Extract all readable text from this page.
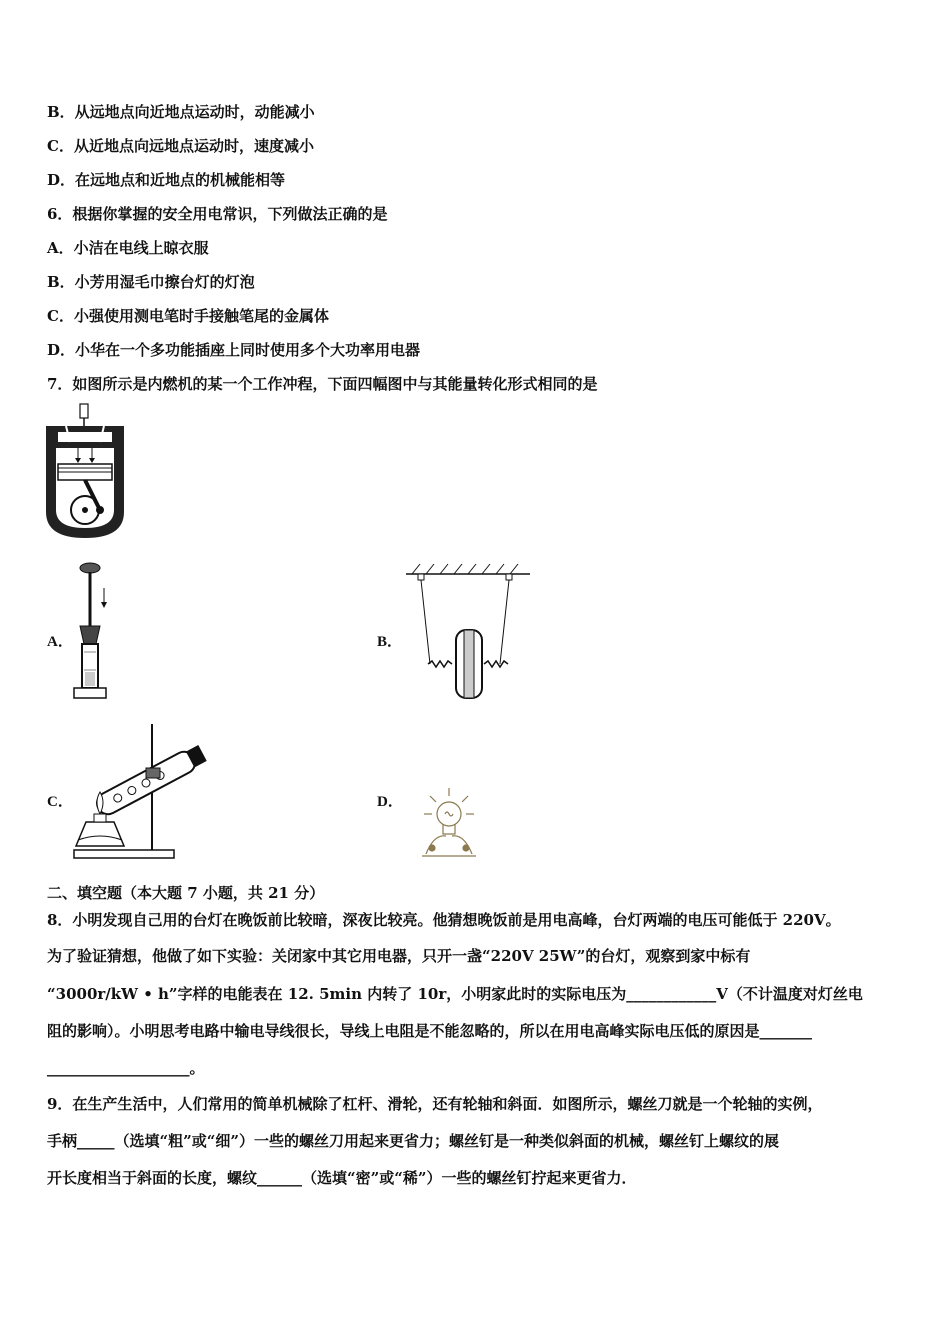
B．从远地点向近地点运动时，动能减小
C．从近地点向远地点运动时，速度减小
D．在远地点和近地点的机械能相等
6．根据你掌握的安全用电常识，下列做法正确的是
A．小洁在电线上晾衣服
B．小芳用湿毛巾擦台灯的灯泡
C．小强使用测电笔时手接触笔尾的金属体
D．小华在一个多功能插座上同时使用多个大功率用电器
7．如图所示是内燃机的某一个工作冲程，下面四幅图中与其能量转化形式相同的是
A．	B．
C．	D．
二、填空题（本大题 7 小题，共 21 分）
8．小明发现自己用的台灯在晚饭前比较暗，深夜比较亮。他猜想晚饭前是用电高峰，台灯两端的电压可能低于 220V。
为了验证猜想，他做了如下实验：关闭家中其它用电器，只开一盏“220V 25W”的台灯，观察到家中标有
“3000r/kW • h”字样的电能表在 12. 5min 内转了 10r，小明家此时的实际电压为____________V（不计温度对灯丝电
阻的影响）。小明思考电路中输电导线很长，导线上电阻是不能忽略的，所以在用电高峰实际电压低的原因是_______
___________________。
9．在生产生活中，人们常用的简单机械除了杠杆、滑轮，还有轮轴和斜面．如图所示，螺丝刀就是一个轮轴的实例，
手柄_____（选填“粗”或“细”）一些的螺丝刀用起来更省力；螺丝钉是一种类似斜面的机械，螺丝钉上螺纹的展
开长度相当于斜面的长度，螺纹______（选填“密”或“稀”）一些的螺丝钉拧起来更省力．
